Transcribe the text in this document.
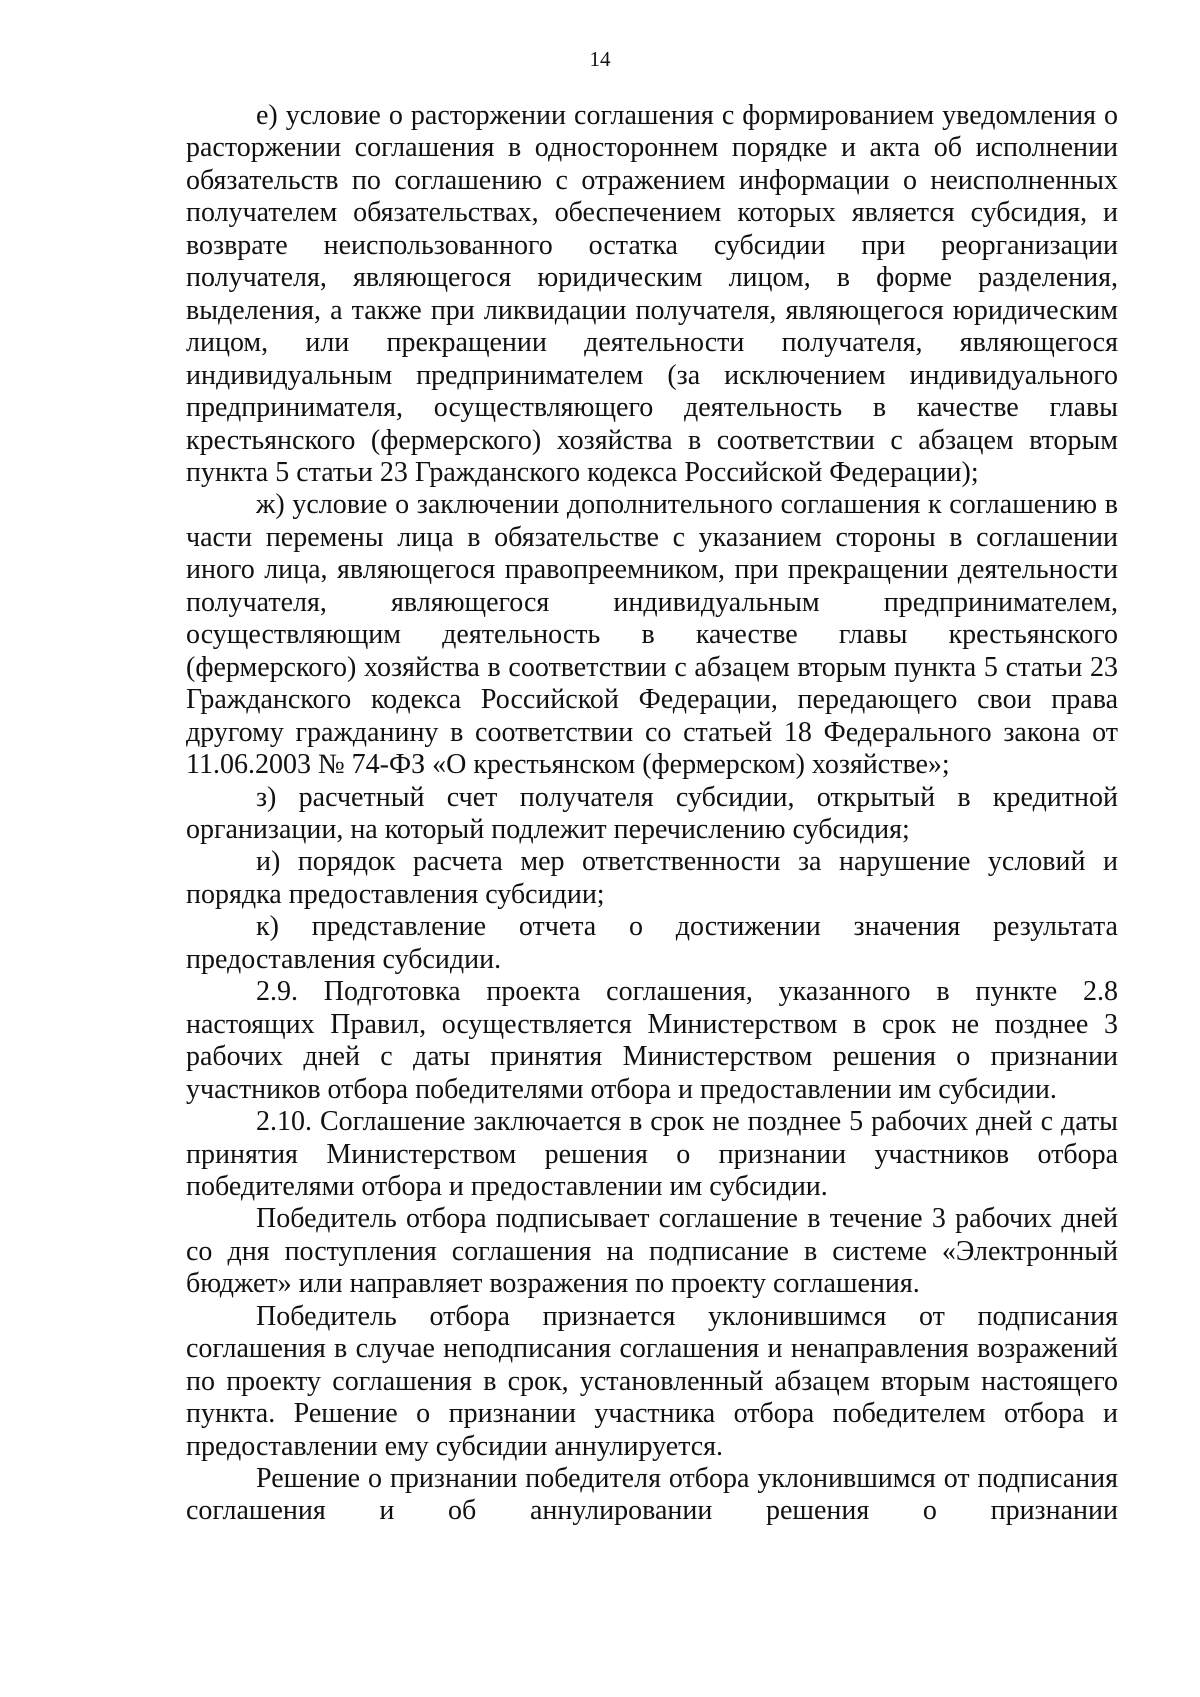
14

е) условие о расторжении соглашения с формированием уведомления о расторжении соглашения в одностороннем порядке и акта об исполнении обязательств по соглашению с отражением информации о неисполненных получателем обязательствах, обеспечением которых является субсидия, и возврате неиспользованного остатка субсидии при реорганизации получателя, являющегося юридическим лицом, в форме разделения, выделения, а также при ликвидации получателя, являющегося юридическим лицом, или прекращении деятельности получателя, являющегося индивидуальным предпринимателем (за исключением индивидуального предпринимателя, осуществляющего деятельность в качестве главы крестьянского (фермерского) хозяйства в соответствии с абзацем вторым пункта 5 статьи 23 Гражданского кодекса Российской Федерации);

ж) условие о заключении дополнительного соглашения к соглашению в части перемены лица в обязательстве с указанием стороны в соглашении иного лица, являющегося правопреемником, при прекращении деятельности получателя, являющегося индивидуальным предпринимателем, осуществляющим деятельность в качестве главы крестьянского (фермерского) хозяйства в соответствии с абзацем вторым пункта 5 статьи 23 Гражданского кодекса Российской Федерации, передающего свои права другому гражданину в соответствии со статьей 18 Федерального закона от 11.06.2003 № 74-ФЗ «О крестьянском (фермерском) хозяйстве»;

з) расчетный счет получателя субсидии, открытый в кредитной организации, на который подлежит перечислению субсидия;

и) порядок расчета мер ответственности за нарушение условий и порядка предоставления субсидии;

к) представление отчета о достижении значения результата предоставления субсидии.

2.9. Подготовка проекта соглашения, указанного в пункте 2.8 настоящих Правил, осуществляется Министерством в срок не позднее 3 рабочих дней с даты принятия Министерством решения о признании участников отбора победителями отбора и предоставлении им субсидии.

2.10. Соглашение заключается в срок не позднее 5 рабочих дней с даты принятия Министерством решения о признании участников отбора победителями отбора и предоставлении им субсидии.

Победитель отбора подписывает соглашение в течение 3 рабочих дней со дня поступления соглашения на подписание в системе «Электронный бюджет» или направляет возражения по проекту соглашения.

Победитель отбора признается уклонившимся от подписания соглашения в случае неподписания соглашения и ненаправления возражений по проекту соглашения в срок, установленный абзацем вторым настоящего пункта. Решение о признании участника отбора победителем отбора и предоставлении ему субсидии аннулируется.

Решение о признании победителя отбора уклонившимся от подписания соглашения и об аннулировании решения о признании
